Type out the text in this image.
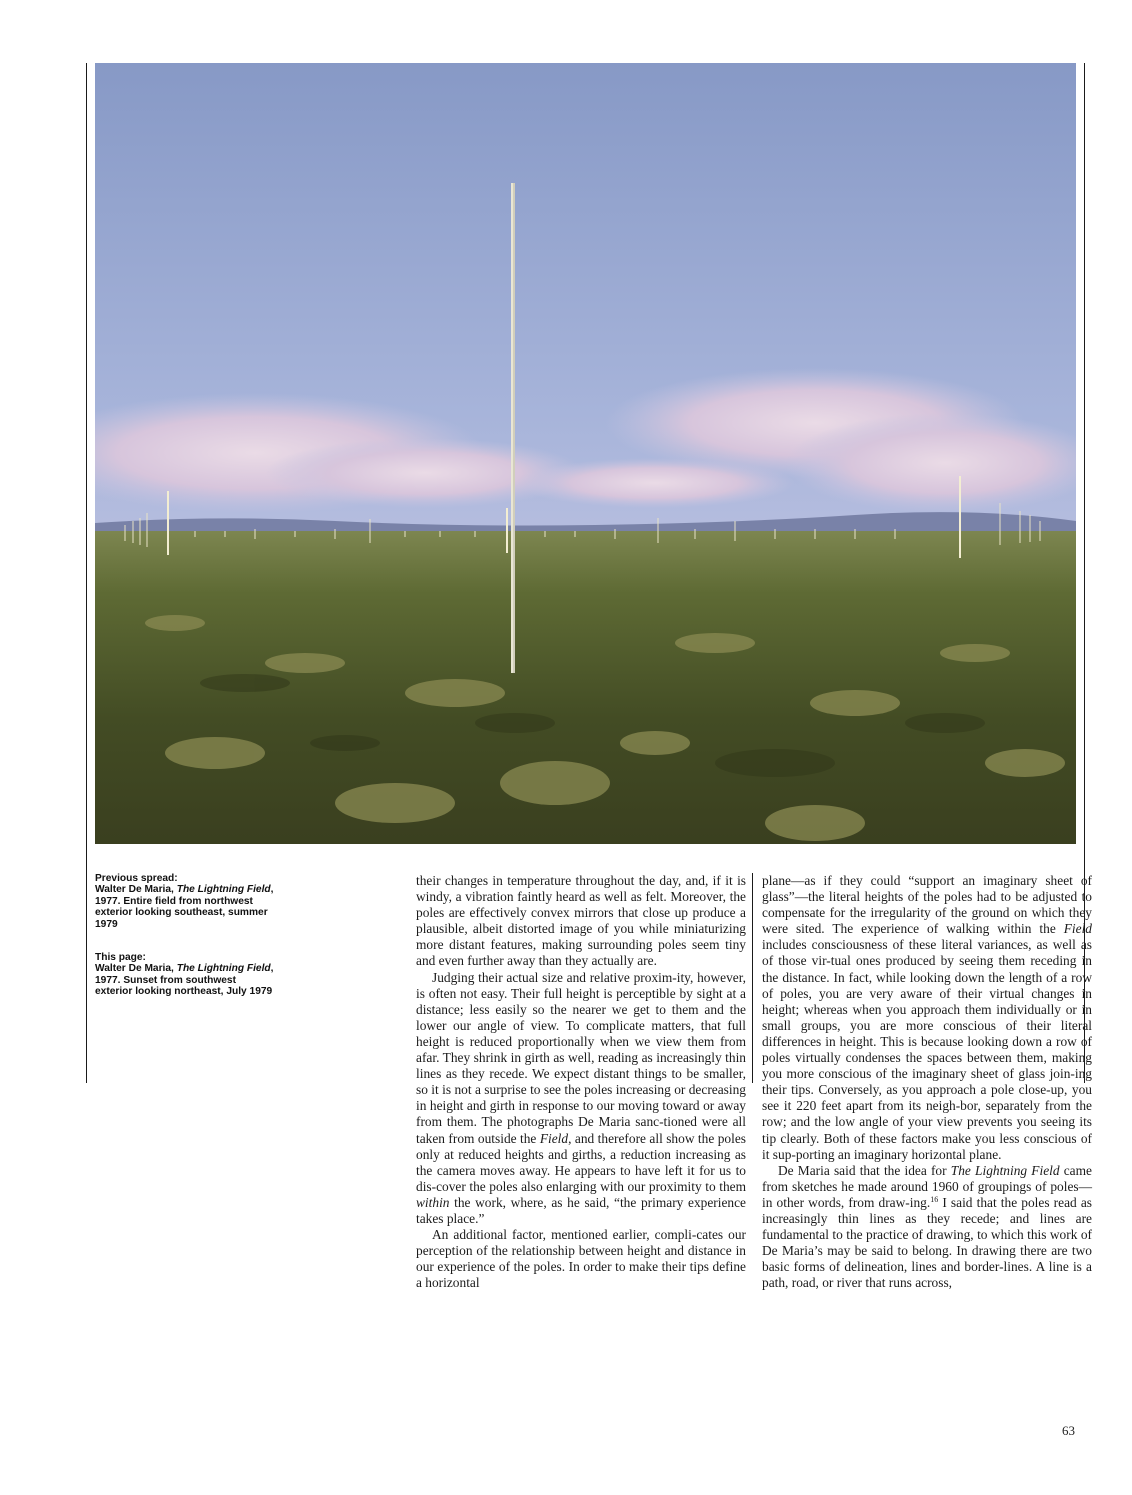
Previous spread:

Walter De Maria, The Lightning Field, 1977. Entire field from northwest exterior looking southeast, summer 1979

This page:

Walter De Maria, The Lightning Field, 1977. Sunset from southwest exterior looking northeast, July 1979

their changes in temperature throughout the day, and, if it is windy, a vibration faintly heard as well as felt. Moreover, the poles are effectively convex mirrors that close up produce a plausible, albeit distorted image of you while miniaturizing more distant features, making surrounding poles seem tiny and even further away than they actually are.

Judging their actual size and relative proxim-ity, however, is often not easy. Their full height is perceptible by sight at a distance; less easily so the nearer we get to them and the lower our angle of view. To complicate matters, that full height is reduced proportionally when we view them from afar. They shrink in girth as well, reading as increasingly thin lines as they recede. We expect distant things to be smaller, so it is not a surprise to see the poles increasing or decreasing in height and girth in response to our moving toward or away from them. The photographs De Maria sanc-tioned were all taken from outside the Field, and therefore all show the poles only at reduced heights and girths, a reduction increasing as the camera moves away. He appears to have left it for us to dis-cover the poles also enlarging with our proximity to them within the work, where, as he said, “the primary experience takes place.”

An additional factor, mentioned earlier, compli-cates our perception of the relationship between height and distance in our experience of the poles. In order to make their tips define a horizontal

plane—as if they could “support an imaginary sheet of glass”—the literal heights of the poles had to be adjusted to compensate for the irregularity of the ground on which they were sited. The experience of walking within the Field includes consciousness of these literal variances, as well as of those vir-tual ones produced by seeing them receding in the distance. In fact, while looking down the length of a row of poles, you are very aware of their virtual changes in height; whereas when you approach them individually or in small groups, you are more conscious of their literal differences in height. This is because looking down a row of poles virtually condenses the spaces between them, making you more conscious of the imaginary sheet of glass join-ing their tips. Conversely, as you approach a pole close-up, you see it 220 feet apart from its neigh-bor, separately from the row; and the low angle of your view prevents you seeing its tip clearly. Both of these factors make you less conscious of it sup-porting an imaginary horizontal plane.

De Maria said that the idea for The Lightning Field came from sketches he made around 1960 of groupings of poles—in other words, from draw-ing.$^{16}$ I said that the poles read as increasingly thin lines as they recede; and lines are fundamental to the practice of drawing, to which this work of De Maria’s may be said to belong. In drawing there are two basic forms of delineation, lines and border-lines. A line is a path, road, or river that runs across,

63
